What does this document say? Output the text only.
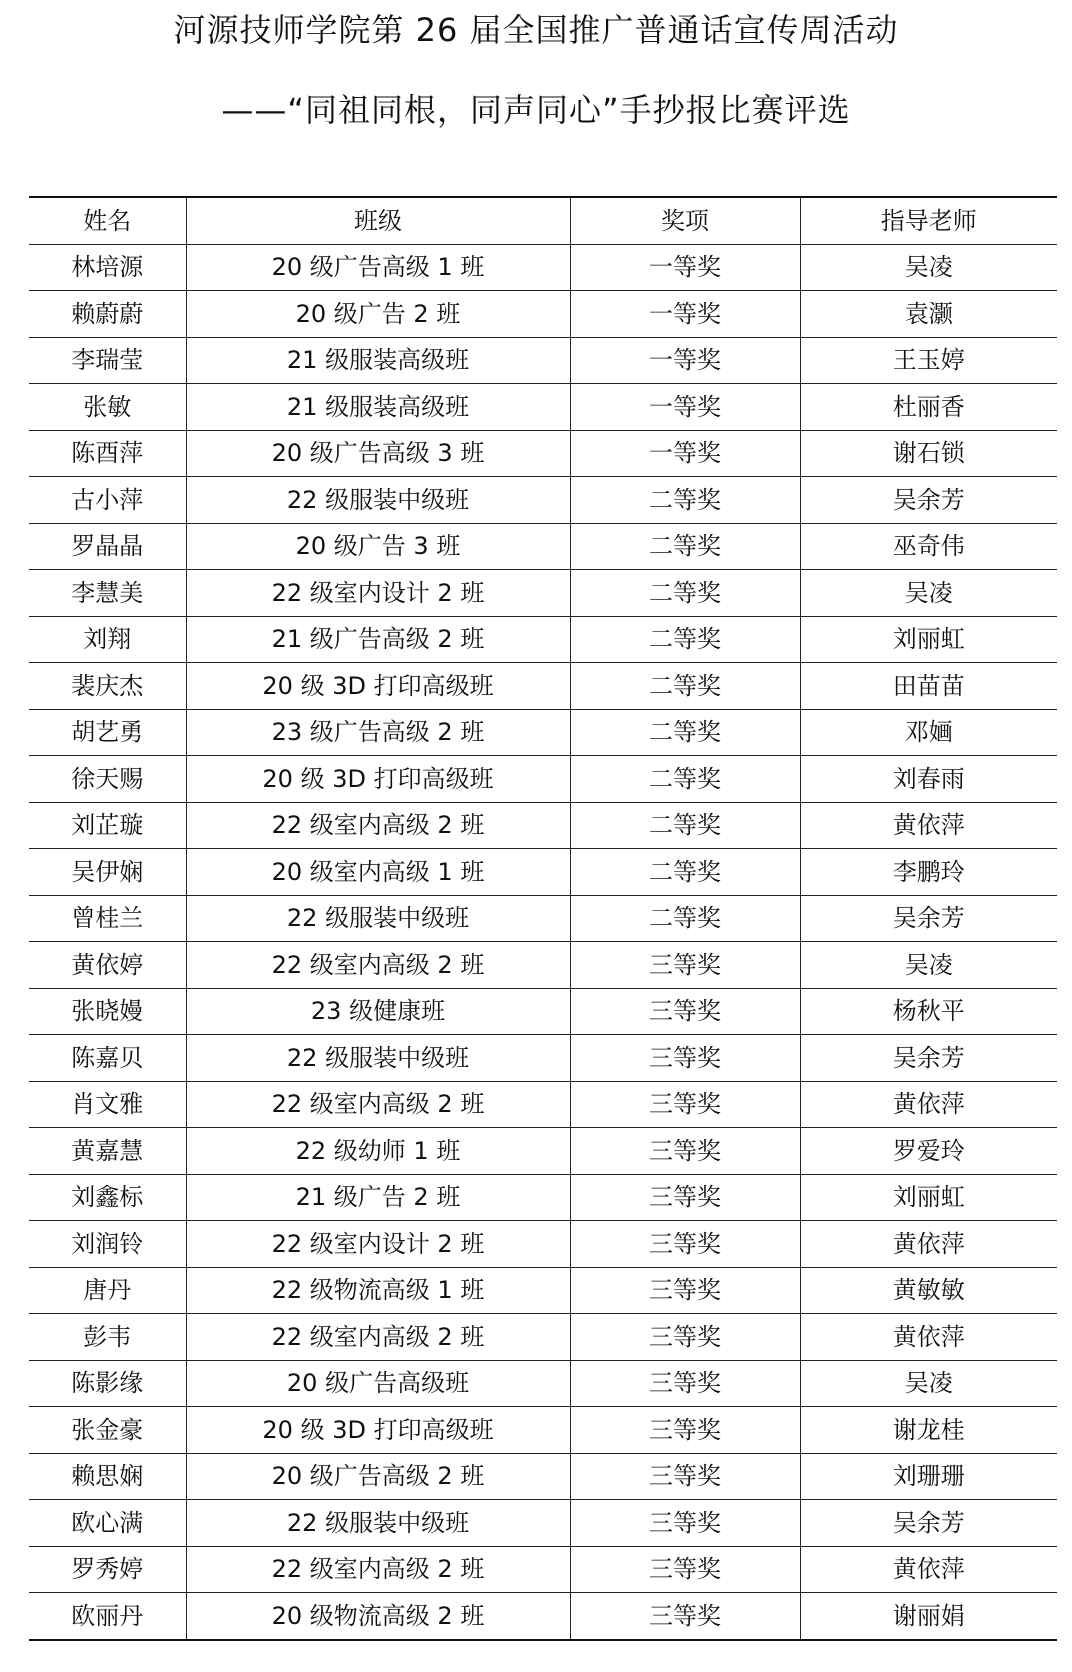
河源技师学院第 26 届全国推广普通话宣传周活动
——“同祖同根，同声同心”手抄报比赛评选
姓名	班级	奖项	指导老师
林培源	20 级广告高级 1 班	一等奖	吴凌
赖蔚蔚	20 级广告 2 班	一等奖	袁灏
李瑞莹	21 级服装高级班	一等奖	王玉婷
张敏	21 级服装高级班	一等奖	杜丽香
陈酉萍	20 级广告高级 3 班	一等奖	谢石锁
古小萍	22 级服装中级班	二等奖	吴余芳
罗晶晶	20 级广告 3 班	二等奖	巫奇伟
李慧美	22 级室内设计 2 班	二等奖	吴凌
刘翔	21 级广告高级 2 班	二等奖	刘丽虹
裴庆杰	20 级 3D 打印高级班	二等奖	田苗苗
胡艺勇	23 级广告高级 2 班	二等奖	邓婳
徐天赐	20 级 3D 打印高级班	二等奖	刘春雨
刘芷璇	22 级室内高级 2 班	二等奖	黄依萍
吴伊娴	20 级室内高级 1 班	二等奖	李鹏玲
曾桂兰	22 级服装中级班	二等奖	吴余芳
黄依婷	22 级室内高级 2 班	三等奖	吴凌
张晓嫚	23 级健康班	三等奖	杨秋平
陈嘉贝	22 级服装中级班	三等奖	吴余芳
肖文雅	22 级室内高级 2 班	三等奖	黄依萍
黄嘉慧	22 级幼师 1 班	三等奖	罗爱玲
刘鑫标	21 级广告 2 班	三等奖	刘丽虹
刘润铃	22 级室内设计 2 班	三等奖	黄依萍
唐丹	22 级物流高级 1 班	三等奖	黄敏敏
彭韦	22 级室内高级 2 班	三等奖	黄依萍
陈影缘	20 级广告高级班	三等奖	吴凌
张金豪	20 级 3D 打印高级班	三等奖	谢龙桂
赖思娴	20 级广告高级 2 班	三等奖	刘珊珊
欧心满	22 级服装中级班	三等奖	吴余芳
罗秀婷	22 级室内高级 2 班	三等奖	黄依萍
欧丽丹	20 级物流高级 2 班	三等奖	谢丽娟
